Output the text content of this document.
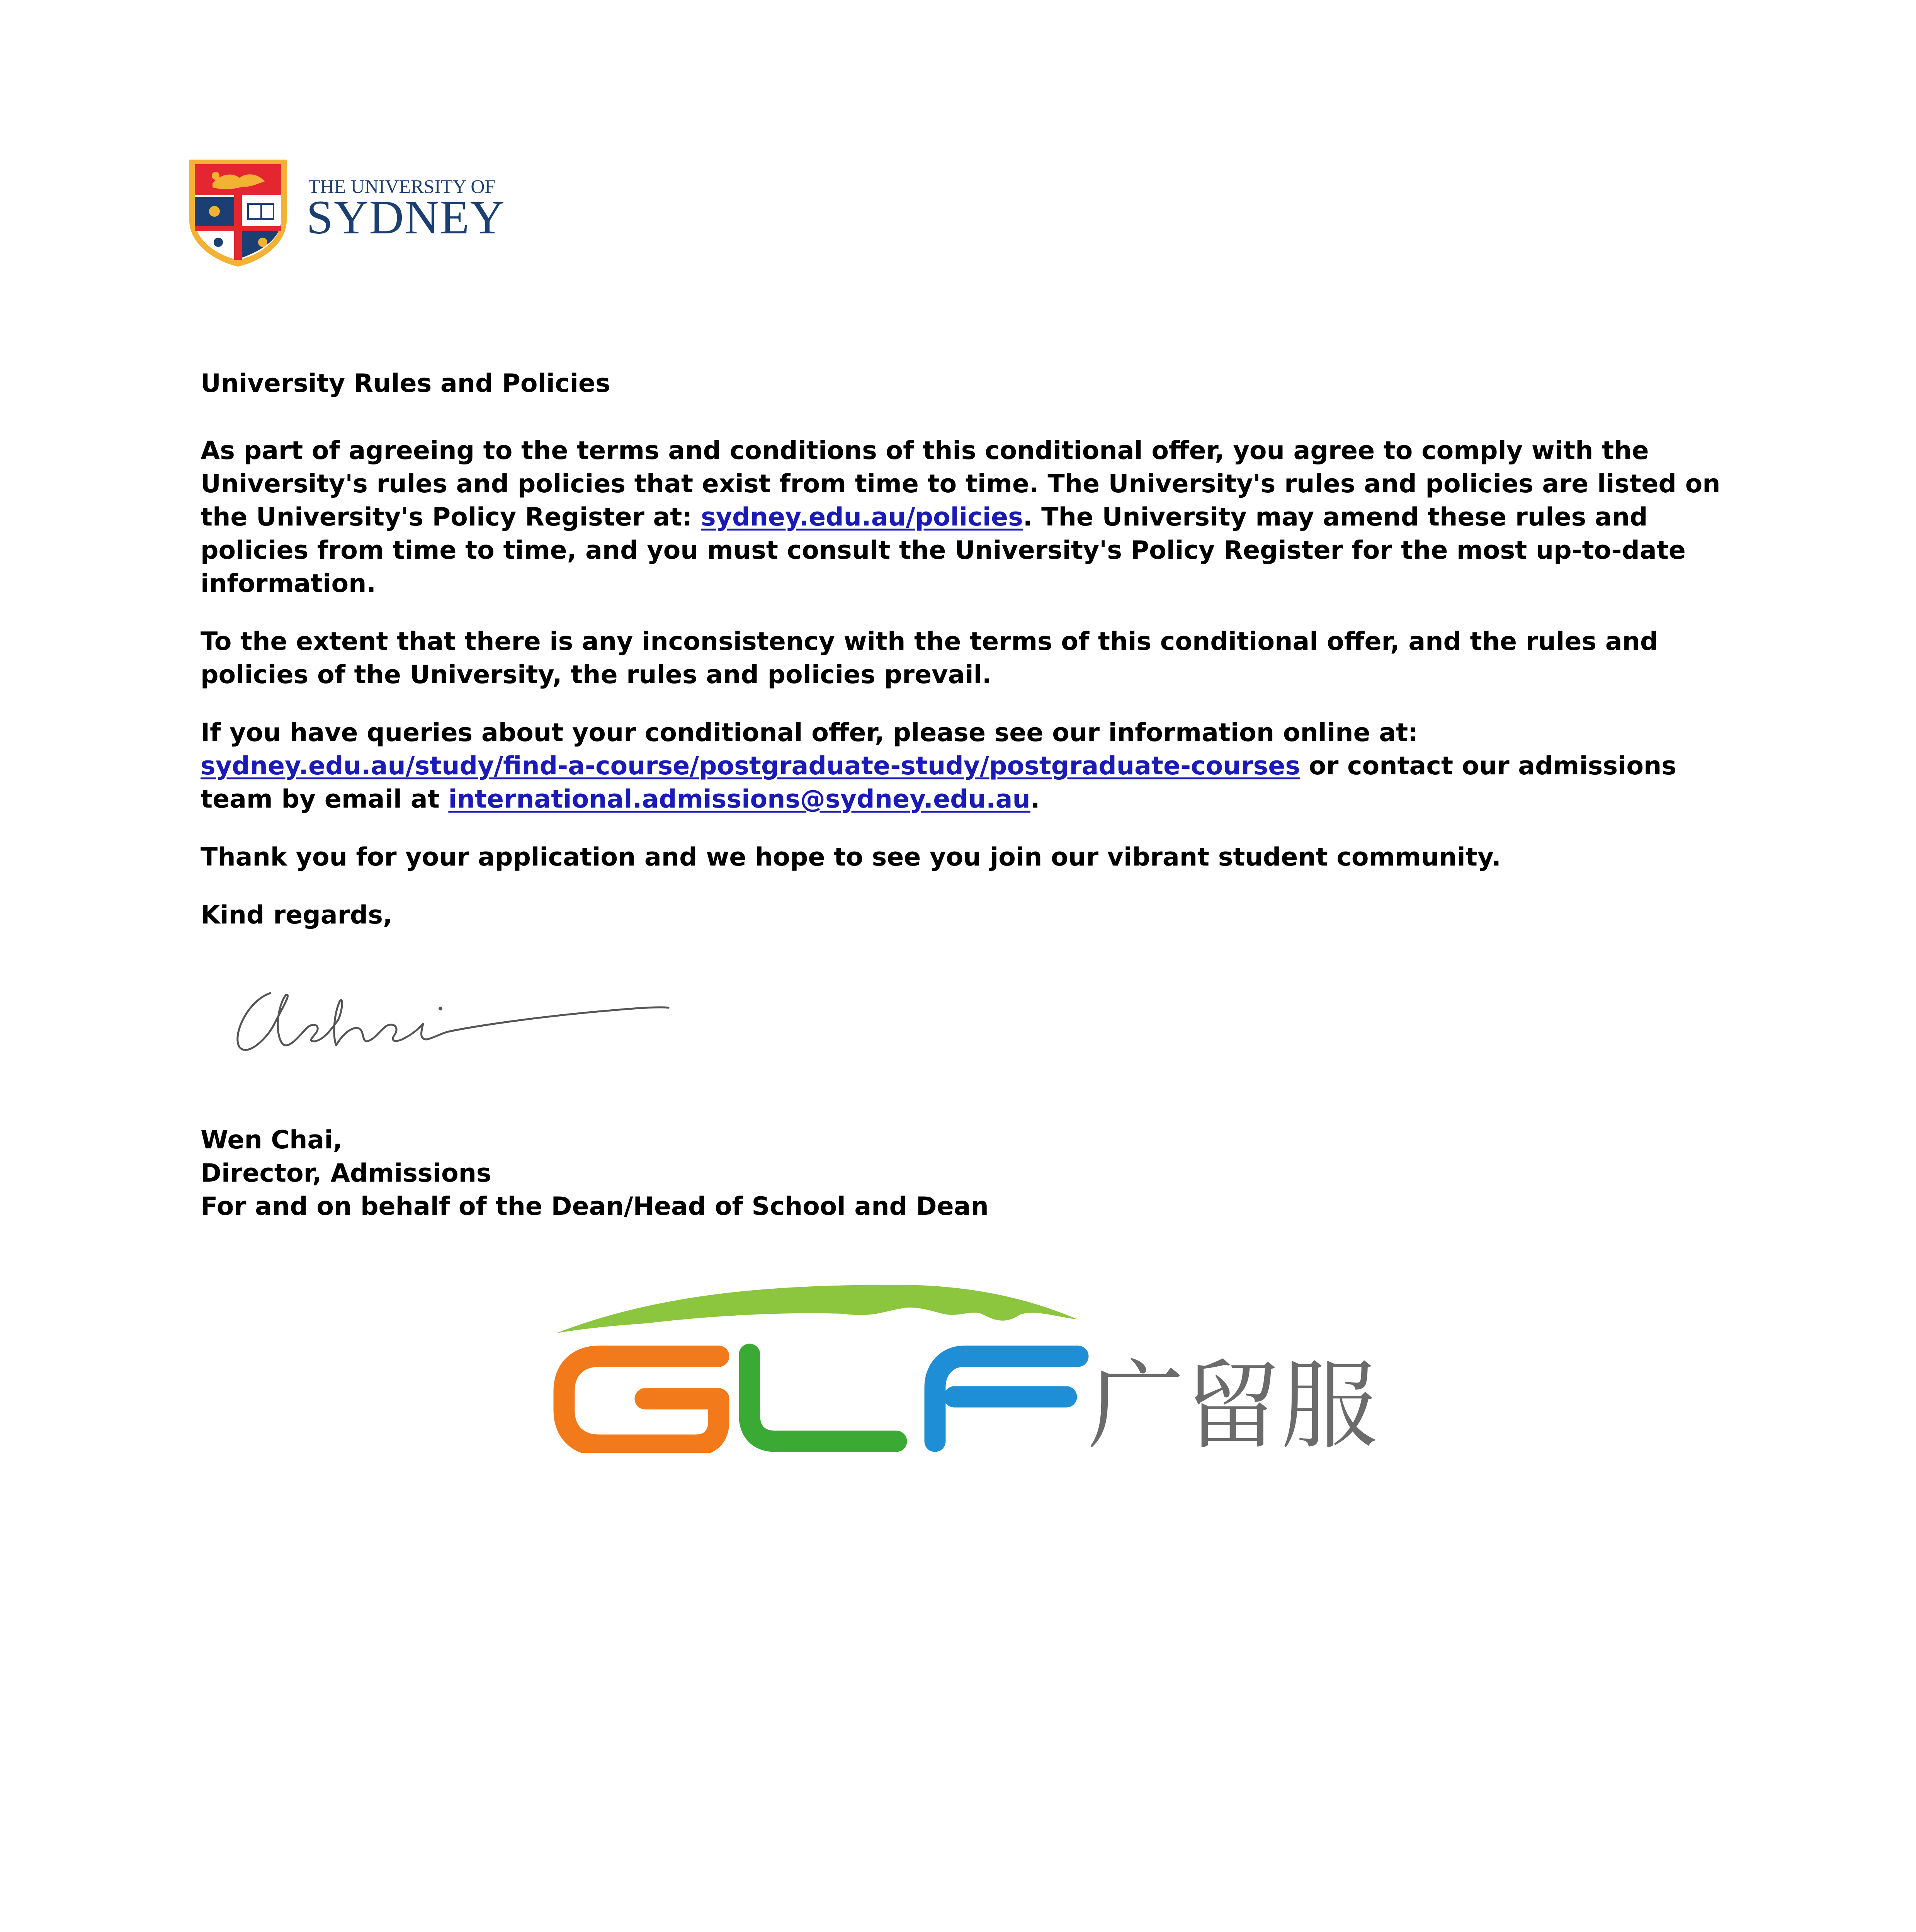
THE UNIVERSITY OF
SYDNEY

University Rules and Policies

As part of agreeing to the terms and conditions of this conditional offer, you agree to comply with the University's rules and policies that exist from time to time. The University's rules and policies are listed on the University's Policy Register at: sydney.edu.au/policies. The University may amend these rules and policies from time to time, and you must consult the University's Policy Register for the most up-to-date information.

To the extent that there is any inconsistency with the terms of this conditional offer, and the rules and policies of the University, the rules and policies prevail.

If you have queries about your conditional offer, please see our information online at:
sydney.edu.au/study/find-a-course/postgraduate-study/postgraduate-courses or contact our admissions team by email at international.admissions@sydney.edu.au.

Thank you for your application and we hope to see you join our vibrant student community.

Kind regards,

Wen Chai,
Director, Admissions
For and on behalf of the Dean/Head of School and Dean
广留服
